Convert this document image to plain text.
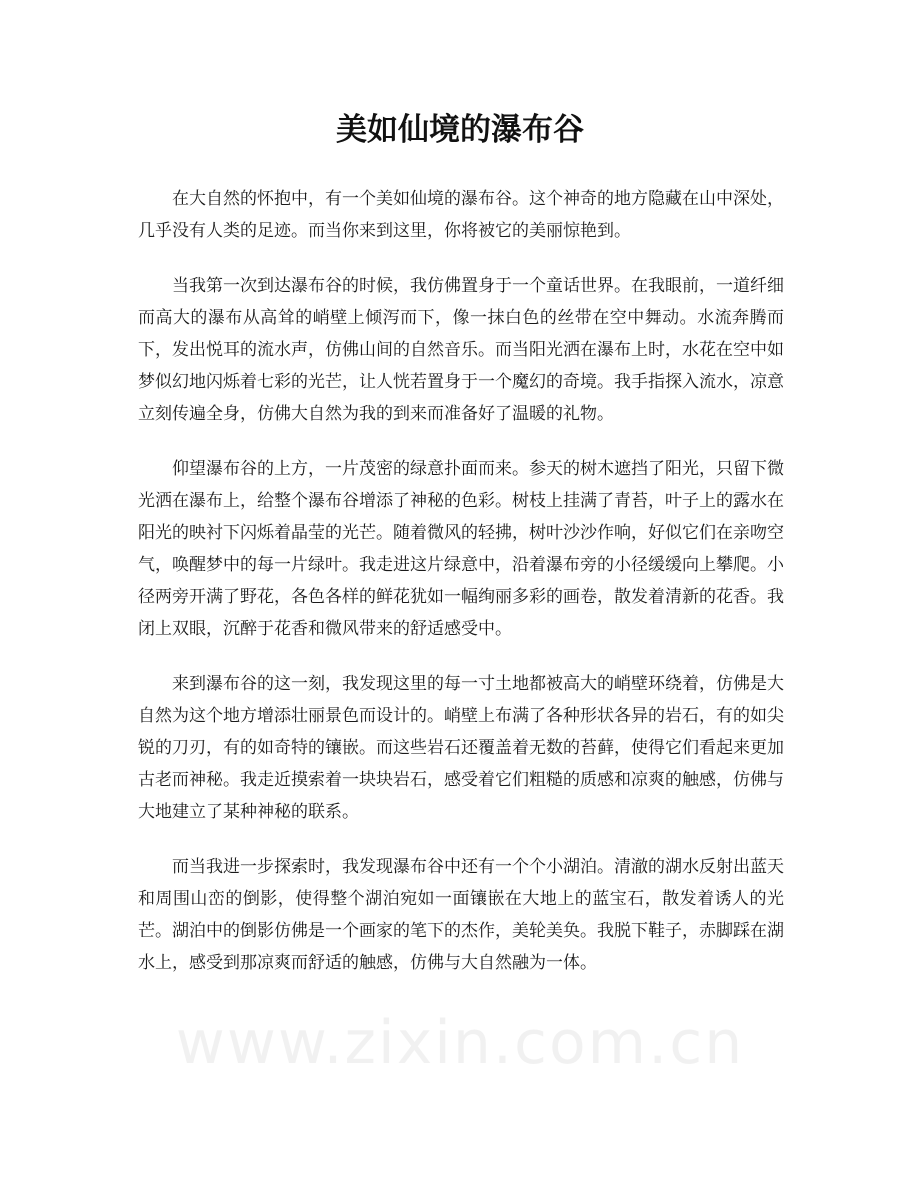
美如仙境的瀑布谷

在大自然的怀抱中，有一个美如仙境的瀑布谷。这个神奇的地方隐藏在山中深处，几乎没有人类的足迹。而当你来到这里，你将被它的美丽惊艳到。

当我第一次到达瀑布谷的时候，我仿佛置身于一个童话世界。在我眼前，一道纤细而高大的瀑布从高耸的峭壁上倾泻而下，像一抹白色的丝带在空中舞动。水流奔腾而下，发出悦耳的流水声，仿佛山间的自然音乐。而当阳光洒在瀑布上时，水花在空中如梦似幻地闪烁着七彩的光芒，让人恍若置身于一个魔幻的奇境。我手指探入流水，凉意立刻传遍全身，仿佛大自然为我的到来而准备好了温暖的礼物。

仰望瀑布谷的上方，一片茂密的绿意扑面而来。参天的树木遮挡了阳光，只留下微光洒在瀑布上，给整个瀑布谷增添了神秘的色彩。树枝上挂满了青苔，叶子上的露水在阳光的映衬下闪烁着晶莹的光芒。随着微风的轻拂，树叶沙沙作响，好似它们在亲吻空气，唤醒梦中的每一片绿叶。我走进这片绿意中，沿着瀑布旁的小径缓缓向上攀爬。小径两旁开满了野花，各色各样的鲜花犹如一幅绚丽多彩的画卷，散发着清新的花香。我闭上双眼，沉醉于花香和微风带来的舒适感受中。

来到瀑布谷的这一刻，我发现这里的每一寸土地都被高大的峭壁环绕着，仿佛是大自然为这个地方增添壮丽景色而设计的。峭壁上布满了各种形状各异的岩石，有的如尖锐的刀刃，有的如奇特的镶嵌。而这些岩石还覆盖着无数的苔藓，使得它们看起来更加古老而神秘。我走近摸索着一块块岩石，感受着它们粗糙的质感和凉爽的触感，仿佛与大地建立了某种神秘的联系。

而当我进一步探索时，我发现瀑布谷中还有一个个小湖泊。清澈的湖水反射出蓝天和周围山峦的倒影，使得整个湖泊宛如一面镶嵌在大地上的蓝宝石，散发着诱人的光芒。湖泊中的倒影仿佛是一个画家的笔下的杰作，美轮美奂。我脱下鞋子，赤脚踩在湖水上，感受到那凉爽而舒适的触感，仿佛与大自然融为一体。

www.zixin.com.cn
